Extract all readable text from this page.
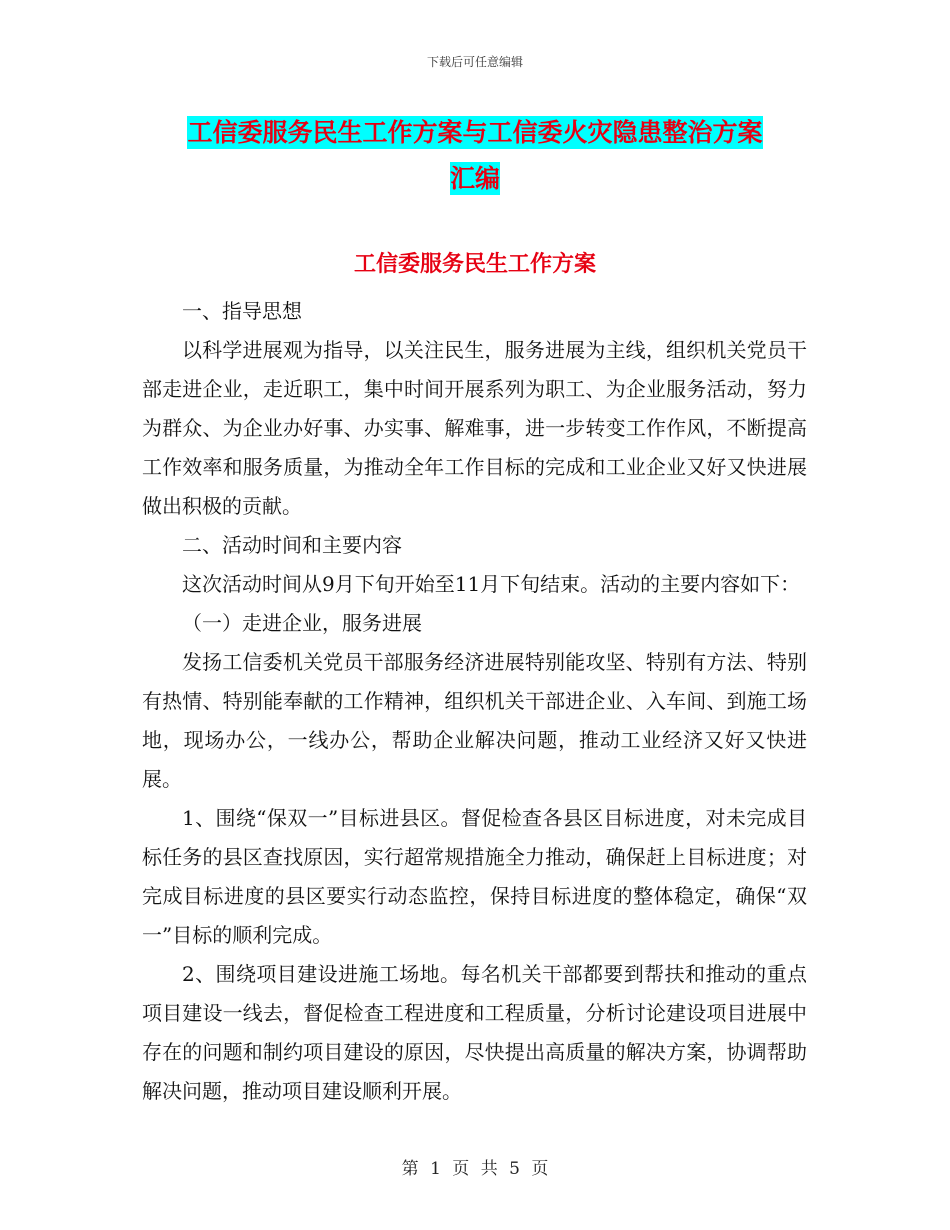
下载后可任意编辑
工信委服务民生工作方案与工信委火灾隐患整治方案
汇编
工信委服务民生工作方案

一、指导思想

以科学进展观为指导，以关注民生，服务进展为主线，组织机关党员干部走进企业，走近职工，集中时间开展系列为职工、为企业服务活动，努力为群众、为企业办好事、办实事、解难事，进一步转变工作作风，不断提高工作效率和服务质量，为推动全年工作目标的完成和工业企业又好又快进展做出积极的贡献。

二、活动时间和主要内容

这次活动时间从9月下旬开始至11月下旬结束。活动的主要内容如下：

（一）走进企业，服务进展

发扬工信委机关党员干部服务经济进展特别能攻坚、特别有方法、特别有热情、特别能奉献的工作精神，组织机关干部进企业、入车间、到施工场地，现场办公，一线办公，帮助企业解决问题，推动工业经济又好又快进展。

1、围绕“保双一”目标进县区。督促检查各县区目标进度，对未完成目标任务的县区查找原因，实行超常规措施全力推动，确保赶上目标进度；对完成目标进度的县区要实行动态监控，保持目标进度的整体稳定，确保“双一”目标的顺利完成。

2、围绕项目建设进施工场地。每名机关干部都要到帮扶和推动的重点项目建设一线去，督促检查工程进度和工程质量，分析讨论建设项目进展中存在的问题和制约项目建设的原因，尽快提出高质量的解决方案，协调帮助解决问题，推动项目建设顺利开展。

第 1 页 共 5 页
